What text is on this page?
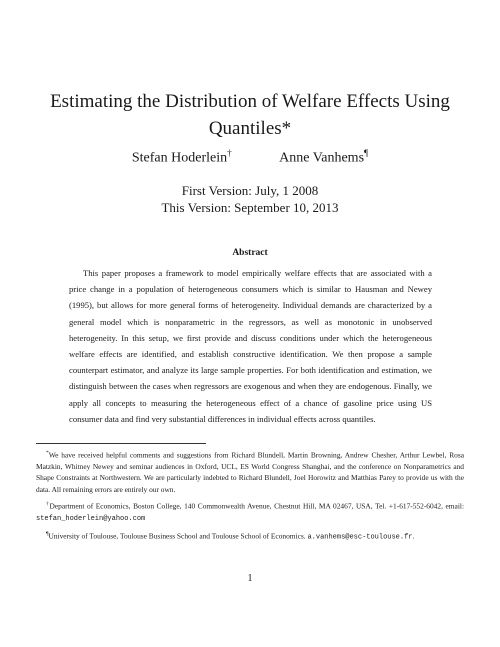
Estimating the Distribution of Welfare Effects Using
Quantiles*
Stefan Hoderlein†	Anne Vanhems¶
First Version: July, 1 2008
This Version: September 10, 2013
Abstract

This paper proposes a framework to model empirically welfare effects that are associated with a price change in a population of heterogeneous consumers which is similar to Hausman and Newey (1995), but allows for more general forms of heterogeneity. Individual demands are characterized by a general model which is nonparametric in the regressors, as well as monotonic in unobserved heterogeneity. In this setup, we first provide and discuss conditions under which the heterogeneous welfare effects are identified, and establish constructive identification. We then propose a sample counterpart estimator, and analyze its large sample properties. For both identification and estimation, we distinguish between the cases when regressors are exogenous and when they are endogenous. Finally, we apply all concepts to measuring the heterogeneous effect of a chance of gasoline price using US consumer data and find very substantial differences in individual effects across quantiles.

*We have received helpful comments and suggestions from Richard Blundell, Martin Browning, Andrew Chesher, Arthur Lewbel, Rosa Matzkin, Whitney Newey and seminar audiences in Oxford, UCL, ES World Congress Shanghai, and the conference on Nonparametrics and Shape Constraints at Northwestern. We are particularly indebted to Richard Blundell, Joel Horowitz and Matthias Parey to provide us with the data. All remaining errors are entirely our own.

†Department of Economics, Boston College, 140 Commonwealth Avenue, Chestnut Hill, MA 02467, USA, Tel. +1-617-552-6042, email: stefan_hoderlein@yahoo.com

¶University of Toulouse, Toulouse Business School and Toulouse School of Economics. a.vanhems@esc-toulouse.fr.

1
